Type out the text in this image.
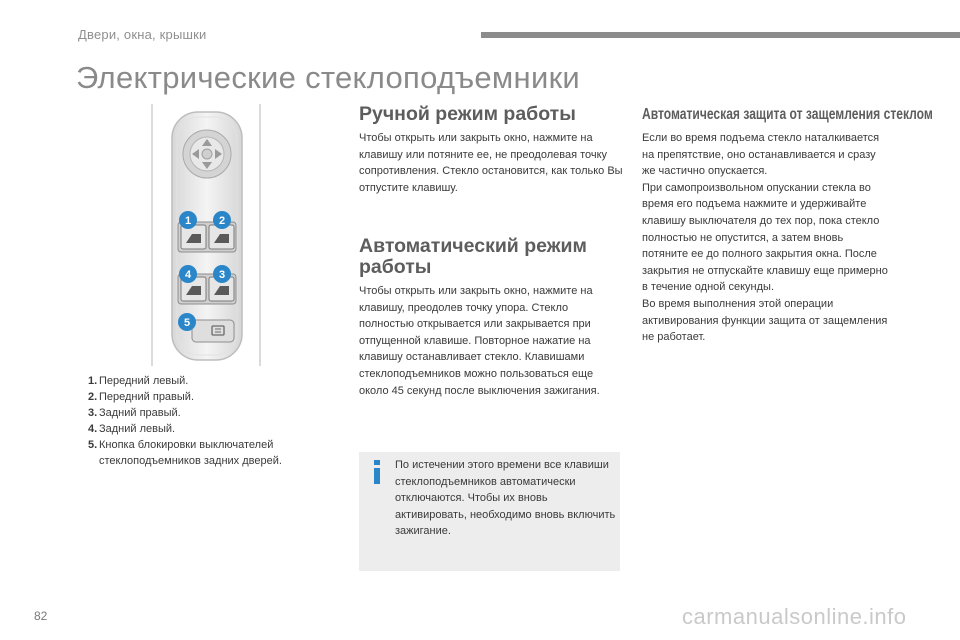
Двери, окна, крышки
Электрические стеклоподъемники
1	2
4	3
5
1. Передний левый.
2. Передний правый.
3. Задний правый.
4. Задний левый.
5. Кнопка блокировки выключателей стеклоподъемников задних дверей.
Ручной режим работы

Чтобы открыть или закрыть окно, нажмите на клавишу или потяните ее, не преодолевая точку сопротивления. Стекло остановится, как только Вы отпустите клавишу.

Автоматический режим
работы

Чтобы открыть или закрыть окно, нажмите на клавишу, преодолев точку упора. Стекло полностью открывается или закрывается при отпущенной клавише. Повторное нажатие на клавишу останавливает стекло. Клавишами стеклоподъемников можно пользоваться еще около 45 секунд после выключения зажигания.

По истечении этого времени все клавиши стеклоподъемников автоматически отключаются. Чтобы их вновь активировать, необходимо вновь включить зажигание.
Автоматическая защита от защемления стеклом

Если во время подъема стекло наталкивается на препятствие, оно останавливается и сразу же частично опускается.

При самопроизвольном опускании стекла во время его подъема нажмите и удерживайте клавишу выключателя до тех пор, пока стекло полностью не опустится, а затем вновь потяните ее до полного закрытия окна. После закрытия не отпускайте клавишу еще примерно в течение одной секунды.

Во время выполнения этой операции активирования функции защита от защемления не работает.

82	carmanualsonline.info
